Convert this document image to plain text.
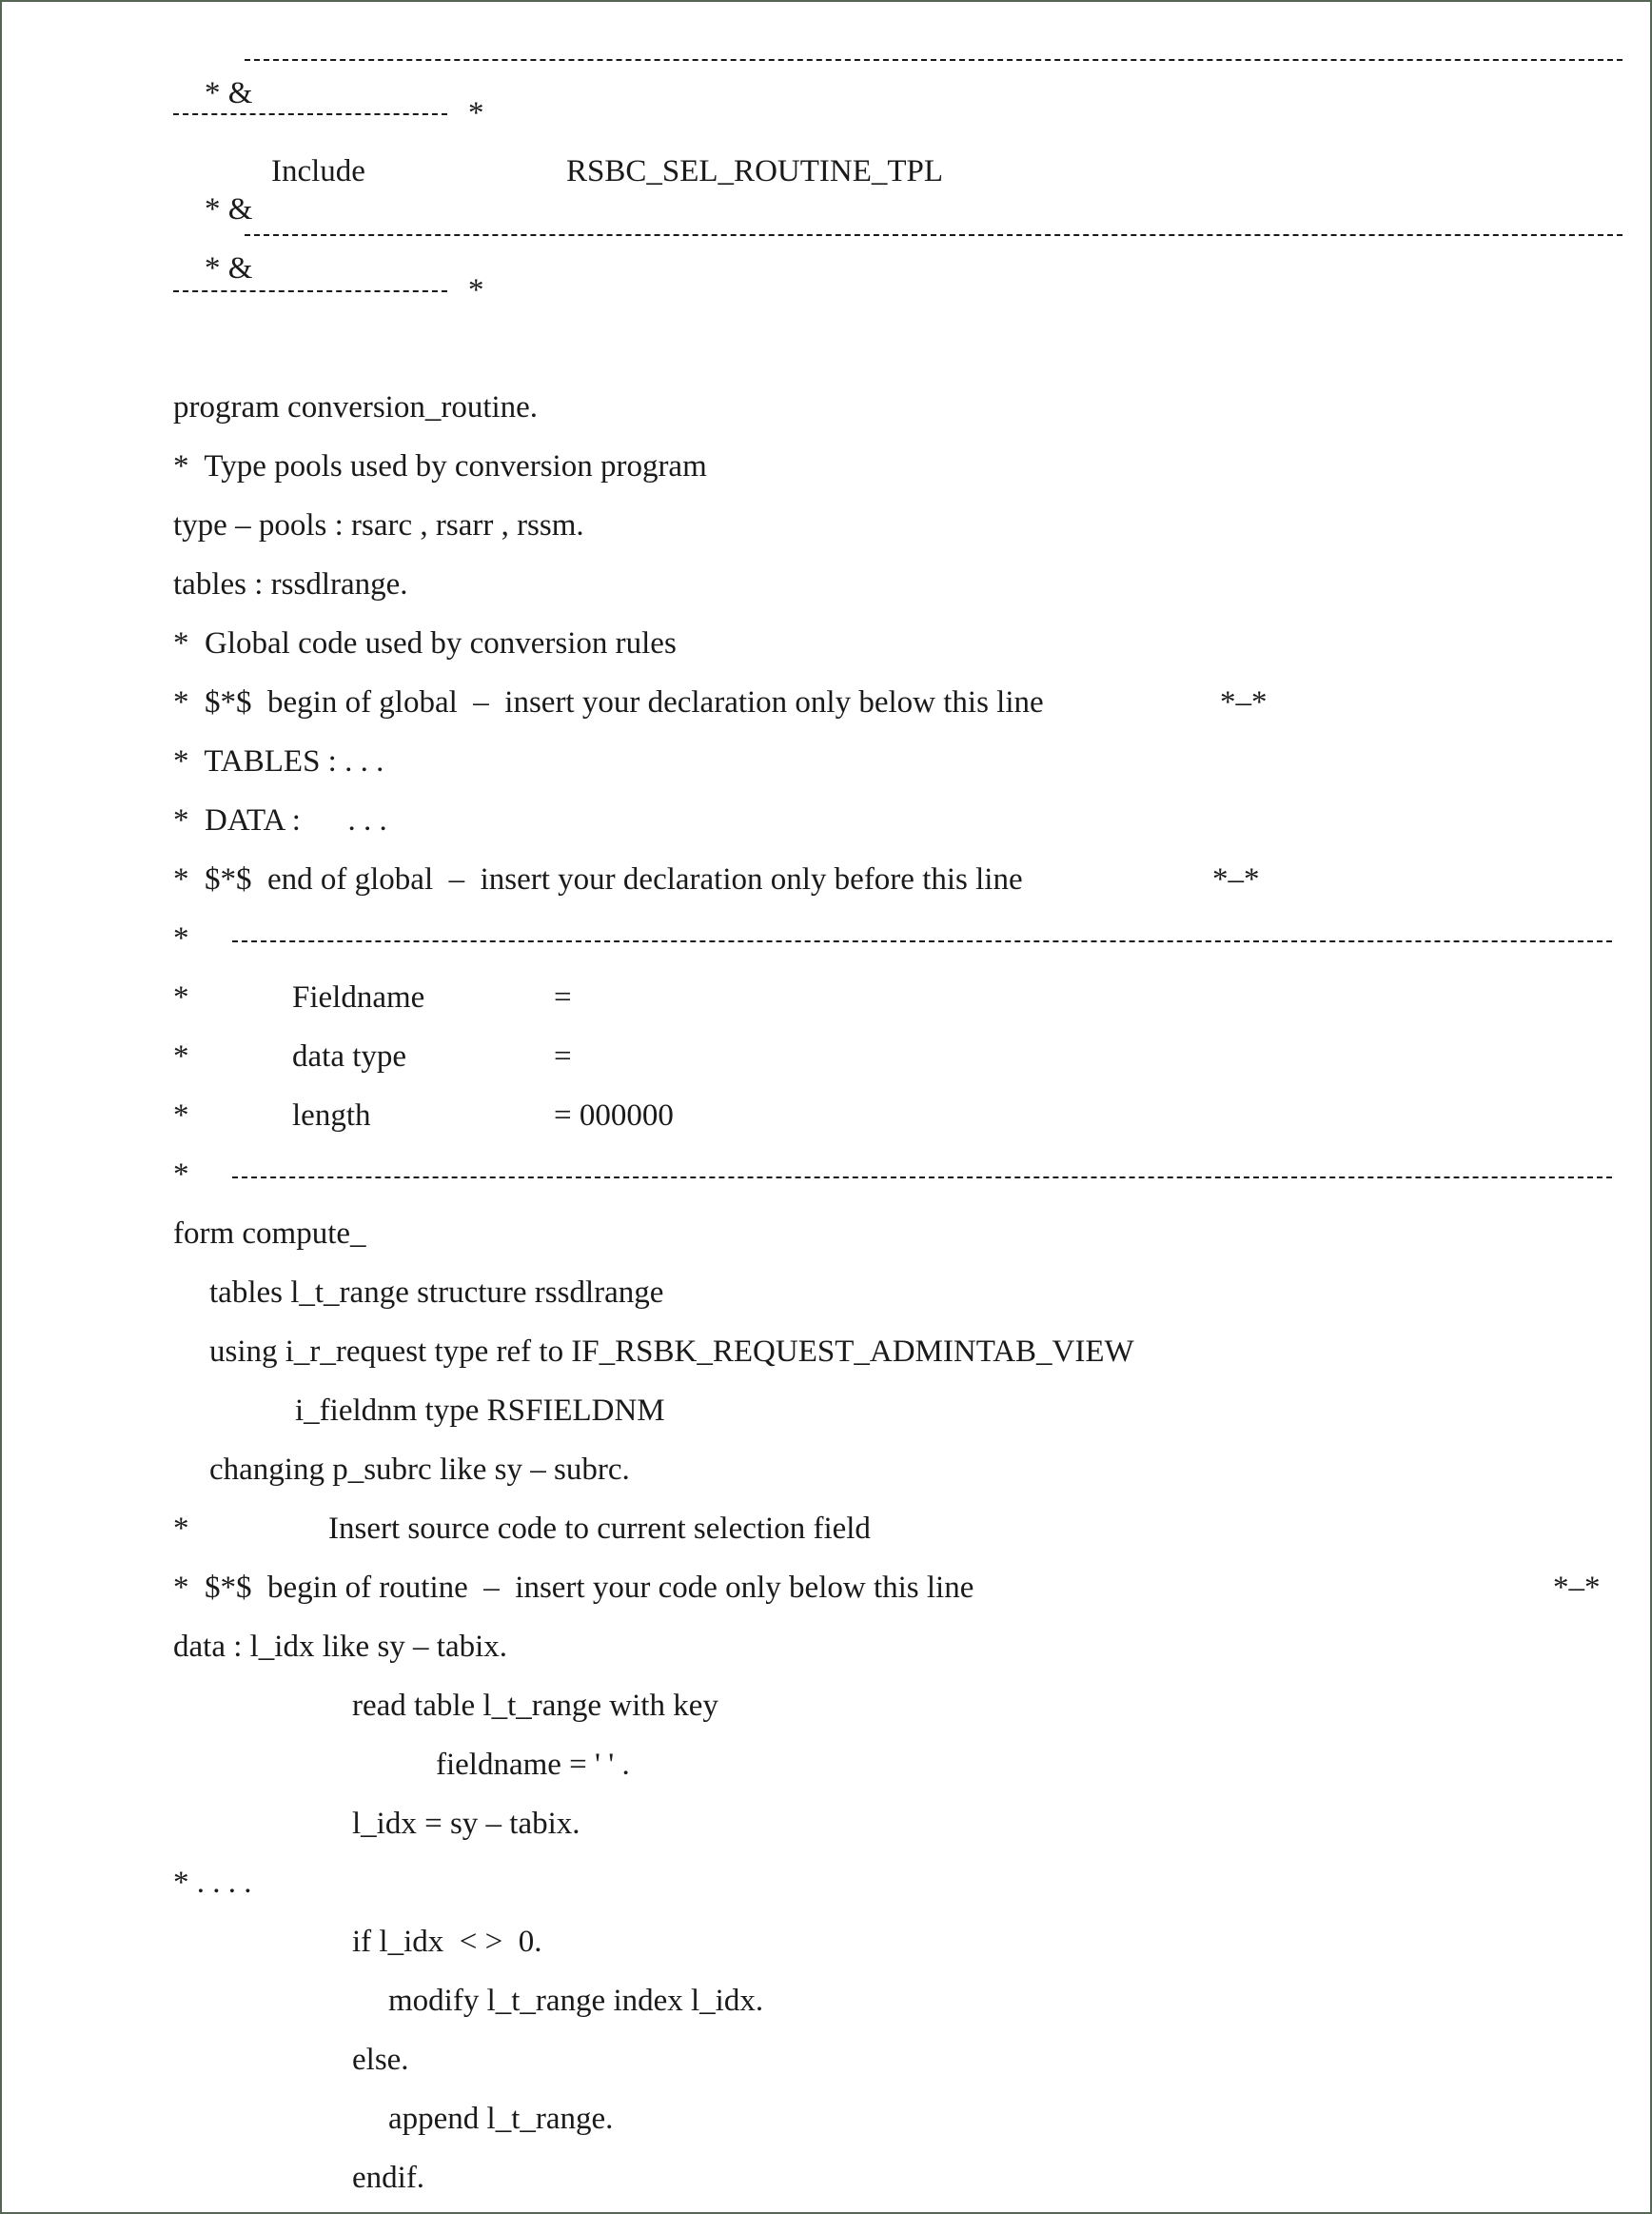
* &

*

* &

Include	RSBC_SEL_ROUTINE_TPL

* &

*
program conversion_routine.
*  Type pools used by conversion program
type – pools : rsarc , rsarr , rssm.
tables : rssdlrange.
*  Global code used by conversion rules
*  $*$  begin of global  –  insert your declaration only below this line	*–*
*  TABLES : . . .
*  DATA :      . . .
*  $*$  end of global  –  insert your declaration only before this line	*–*
*
*	Fieldname	=
*	data type	=
*	length	= 000000
*
form compute_
tables l_t_range structure rssdlrange
using i_r_request type ref to IF_RSBK_REQUEST_ADMINTAB_VIEW
i_fieldnm type RSFIELDNM
changing p_subrc like sy – subrc.
*	Insert source code to current selection field
*  $*$  begin of routine  –  insert your code only below this line	*–*
data : l_idx like sy – tabix.
read table l_t_range with key
fieldname = ' ' .
l_idx = sy – tabix.
* . . . .
if l_idx  < >  0.
modify l_t_range index l_idx.
else.
append l_t_range.
endif.
